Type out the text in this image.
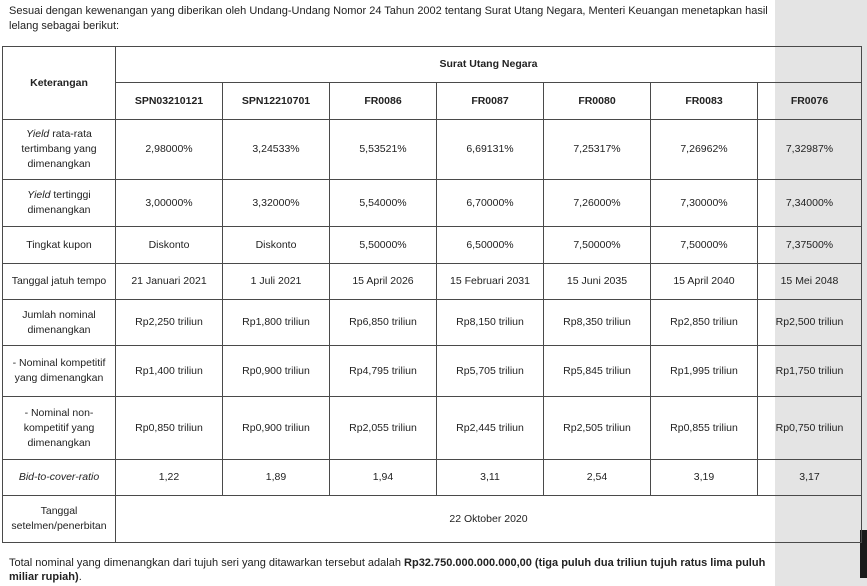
Sesuai dengan kewenangan yang diberikan oleh Undang-Undang Nomor 24 Tahun 2002 tentang Surat Utang Negara, Menteri Keuangan menetapkan hasil lelang sebagai berikut:

Keterangan	Surat Utang Negara						
	SPN03210121	SPN12210701	FR0086	FR0087	FR0080	FR0083	FR0076
Yield rata-rata tertimbang yang dimenangkan	2,98000%	3,24533%	5,53521%	6,69131%	7,25317%	7,26962%	7,32987%
Yield tertinggi dimenangkan	3,00000%	3,32000%	5,54000%	6,70000%	7,26000%	7,30000%	7,34000%
Tingkat kupon	Diskonto	Diskonto	5,50000%	6,50000%	7,50000%	7,50000%	7,37500%
Tanggal jatuh tempo	21 Januari 2021	1 Juli 2021	15 April 2026	15 Februari 2031	15 Juni 2035	15 April 2040	15 Mei 2048
Jumlah nominal dimenangkan	Rp2,250 triliun	Rp1,800 triliun	Rp6,850 triliun	Rp8,150 triliun	Rp8,350 triliun	Rp2,850 triliun	Rp2,500 triliun
- Nominal kompetitif yang dimenangkan	Rp1,400 triliun	Rp0,900 triliun	Rp4,795 triliun	Rp5,705 triliun	Rp5,845 triliun	Rp1,995 triliun	Rp1,750 triliun
- Nominal non-kompetitif yang dimenangkan	Rp0,850 triliun	Rp0,900 triliun	Rp2,055 triliun	Rp2,445 triliun	Rp2,505 triliun	Rp0,855 triliun	Rp0,750 triliun
Bid-to-cover-ratio	1,22	1,89	1,94	3,11	2,54	3,19	3,17
Tanggal setelmen/penerbitan	22 Oktober 2020						

Total nominal yang dimenangkan dari tujuh seri yang ditawarkan tersebut adalah Rp32.750.000.000.000,00 (tiga puluh dua triliun tujuh ratus lima puluh miliar rupiah).
